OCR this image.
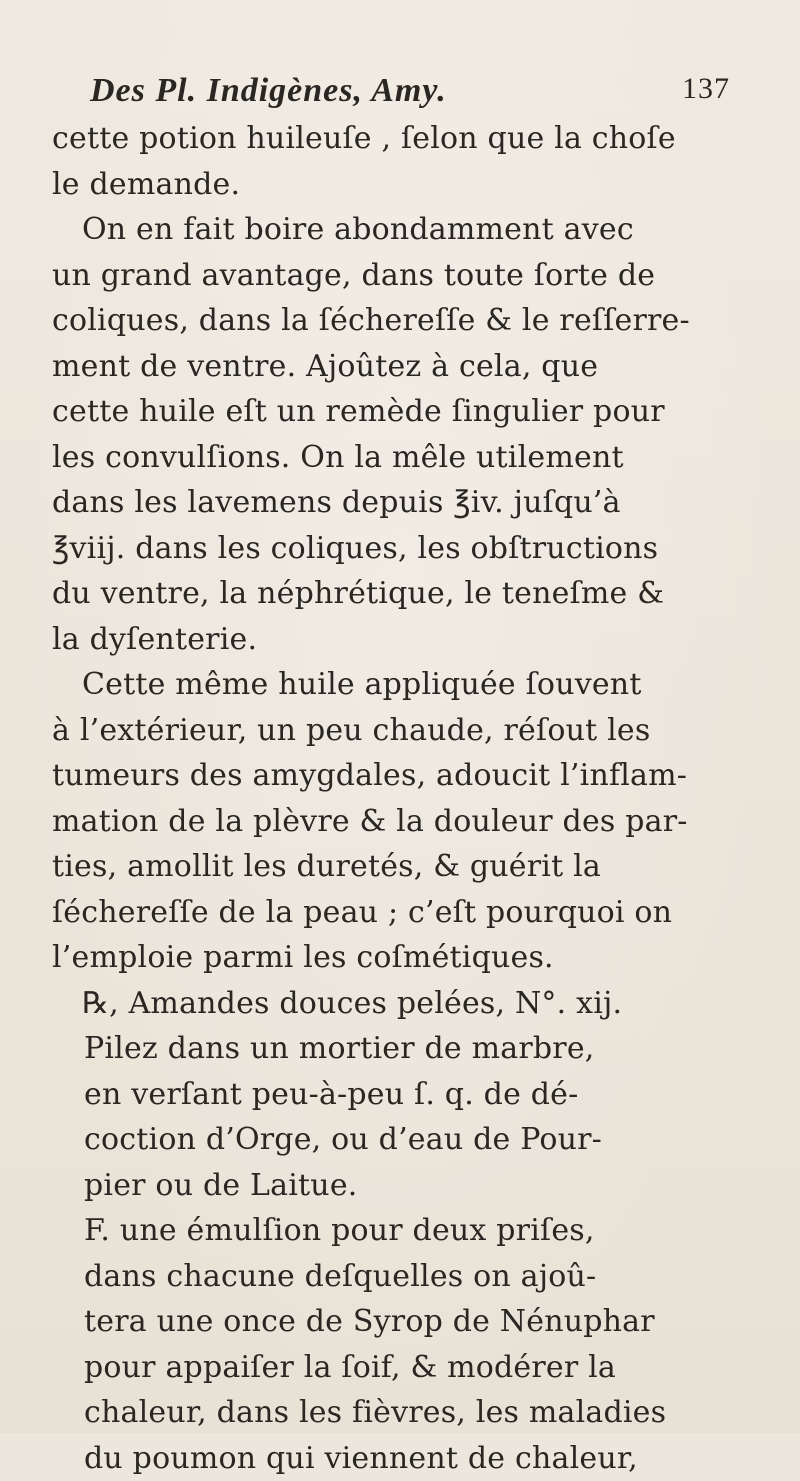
Des Pl. Indigènes, Amy.	137
cette potion huileuſe , ſelon que la choſe
le demande.
On en fait boire abondamment avec
un grand avantage, dans toute ſorte de
coliques, dans la ſéchereſſe & le reſſerre-
ment de ventre. Ajoûtez à cela, que
cette huile eſt un remède ſingulier pour
les convulſions. On la mêle utilement
dans les lavemens depuis ℥iv. juſqu’à
℥viij. dans les coliques, les obſtructions
du ventre, la néphrétique, le teneſme &
la dyſenterie.
Cette même huile appliquée ſouvent
à l’extérieur, un peu chaude, réſout les
tumeurs des amygdales, adoucit l’inflam-
mation de la plèvre & la douleur des par-
ties, amollit les duretés, & guérit la
ſéchereſſe de la peau ; c’eſt pourquoi on
l’emploie parmi les coſmétiques.
℞, Amandes douces pelées, N°. xij.
Pilez dans un mortier de marbre,
en verſant peu-à-peu ſ. q. de dé-
coction d’Orge, ou d’eau de Pour-
pier ou de Laitue.
F. une émulſion pour deux priſes,
dans chacune deſquelles on ajoû-
tera une once de Syrop de Nénuphar
pour appaiſer la ſoif, & modérer la
chaleur, dans les fièvres, les maladies
du poumon qui viennent de chaleur,
